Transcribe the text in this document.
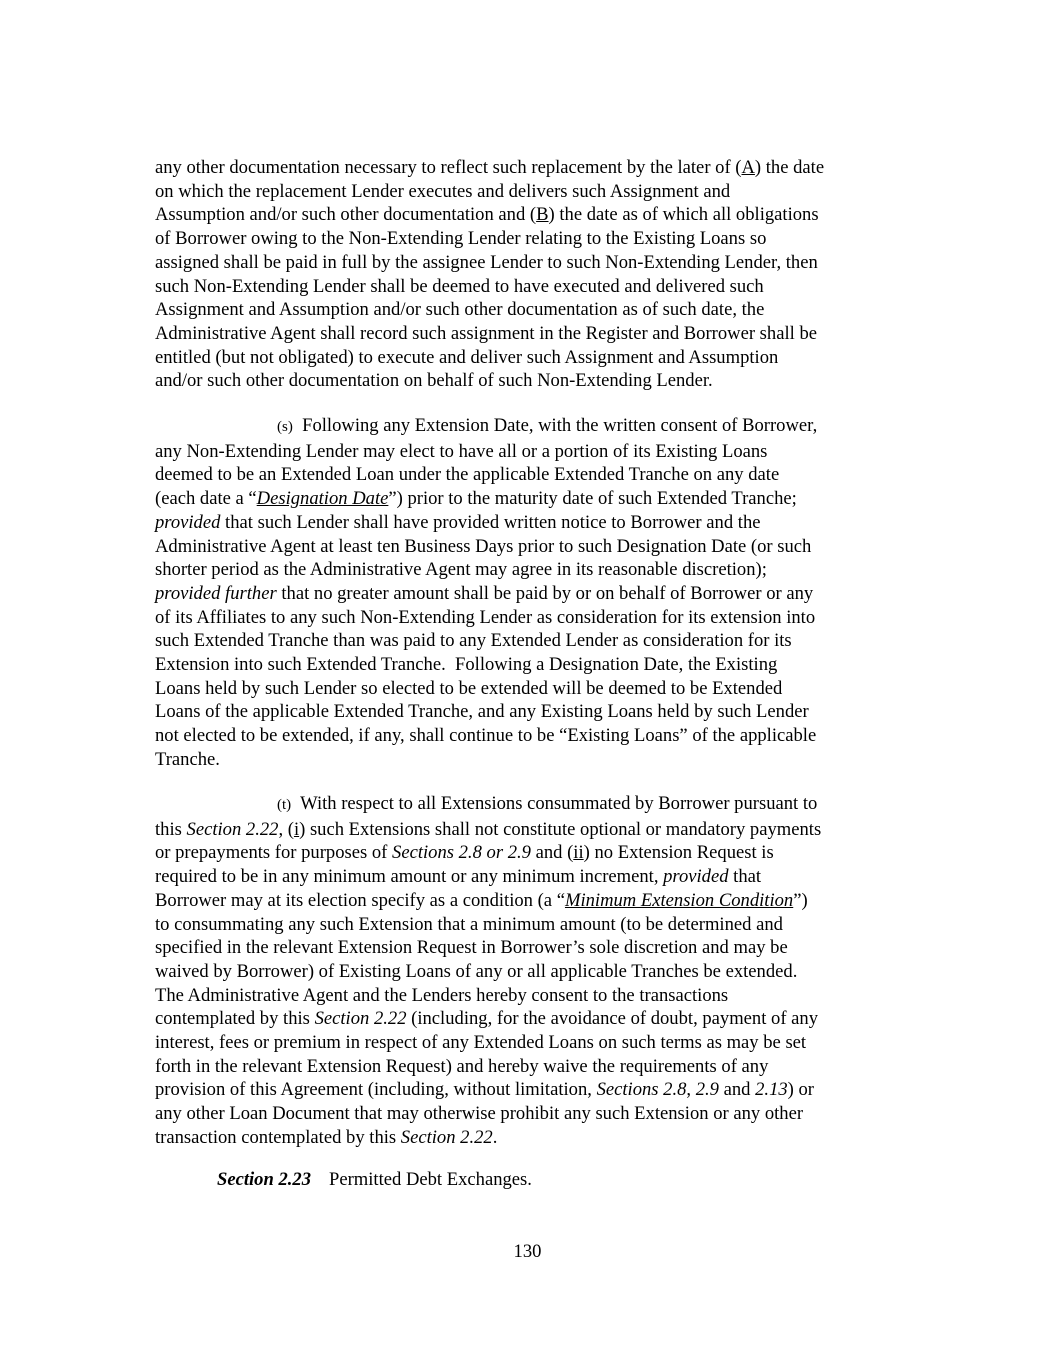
any other documentation necessary to reflect such replacement by the later of (A) the date
on which the replacement Lender executes and delivers such Assignment and
Assumption and/or such other documentation and (B) the date as of which all obligations
of Borrower owing to the Non-Extending Lender relating to the Existing Loans so
assigned shall be paid in full by the assignee Lender to such Non-Extending Lender, then
such Non-Extending Lender shall be deemed to have executed and delivered such
Assignment and Assumption and/or such other documentation as of such date, the
Administrative Agent shall record such assignment in the Register and Borrower shall be
entitled (but not obligated) to execute and deliver such Assignment and Assumption
and/or such other documentation on behalf of such Non-Extending Lender.
(s) Following any Extension Date, with the written consent of Borrower,
any Non-Extending Lender may elect to have all or a portion of its Existing Loans
deemed to be an Extended Loan under the applicable Extended Tranche on any date
(each date a “Designation Date”) prior to the maturity date of such Extended Tranche;
provided that such Lender shall have provided written notice to Borrower and the
Administrative Agent at least ten Business Days prior to such Designation Date (or such
shorter period as the Administrative Agent may agree in its reasonable discretion);
provided further that no greater amount shall be paid by or on behalf of Borrower or any
of its Affiliates to any such Non-Extending Lender as consideration for its extension into
such Extended Tranche than was paid to any Extended Lender as consideration for its
Extension into such Extended Tranche.  Following a Designation Date, the Existing
Loans held by such Lender so elected to be extended will be deemed to be Extended
Loans of the applicable Extended Tranche, and any Existing Loans held by such Lender
not elected to be extended, if any, shall continue to be “Existing Loans” of the applicable
Tranche.
(t) With respect to all Extensions consummated by Borrower pursuant to
this Section 2.22, (i) such Extensions shall not constitute optional or mandatory payments
or prepayments for purposes of Sections 2.8 or 2.9 and (ii) no Extension Request is
required to be in any minimum amount or any minimum increment, provided that
Borrower may at its election specify as a condition (a “Minimum Extension Condition”)
to consummating any such Extension that a minimum amount (to be determined and
specified in the relevant Extension Request in Borrower’s sole discretion and may be
waived by Borrower) of Existing Loans of any or all applicable Tranches be extended.
The Administrative Agent and the Lenders hereby consent to the transactions
contemplated by this Section 2.22 (including, for the avoidance of doubt, payment of any
interest, fees or premium in respect of any Extended Loans on such terms as may be set
forth in the relevant Extension Request) and hereby waive the requirements of any
provision of this Agreement (including, without limitation, Sections 2.8, 2.9 and 2.13) or
any other Loan Document that may otherwise prohibit any such Extension or any other
transaction contemplated by this Section 2.22.
Section 2.23 Permitted Debt Exchanges.
130
